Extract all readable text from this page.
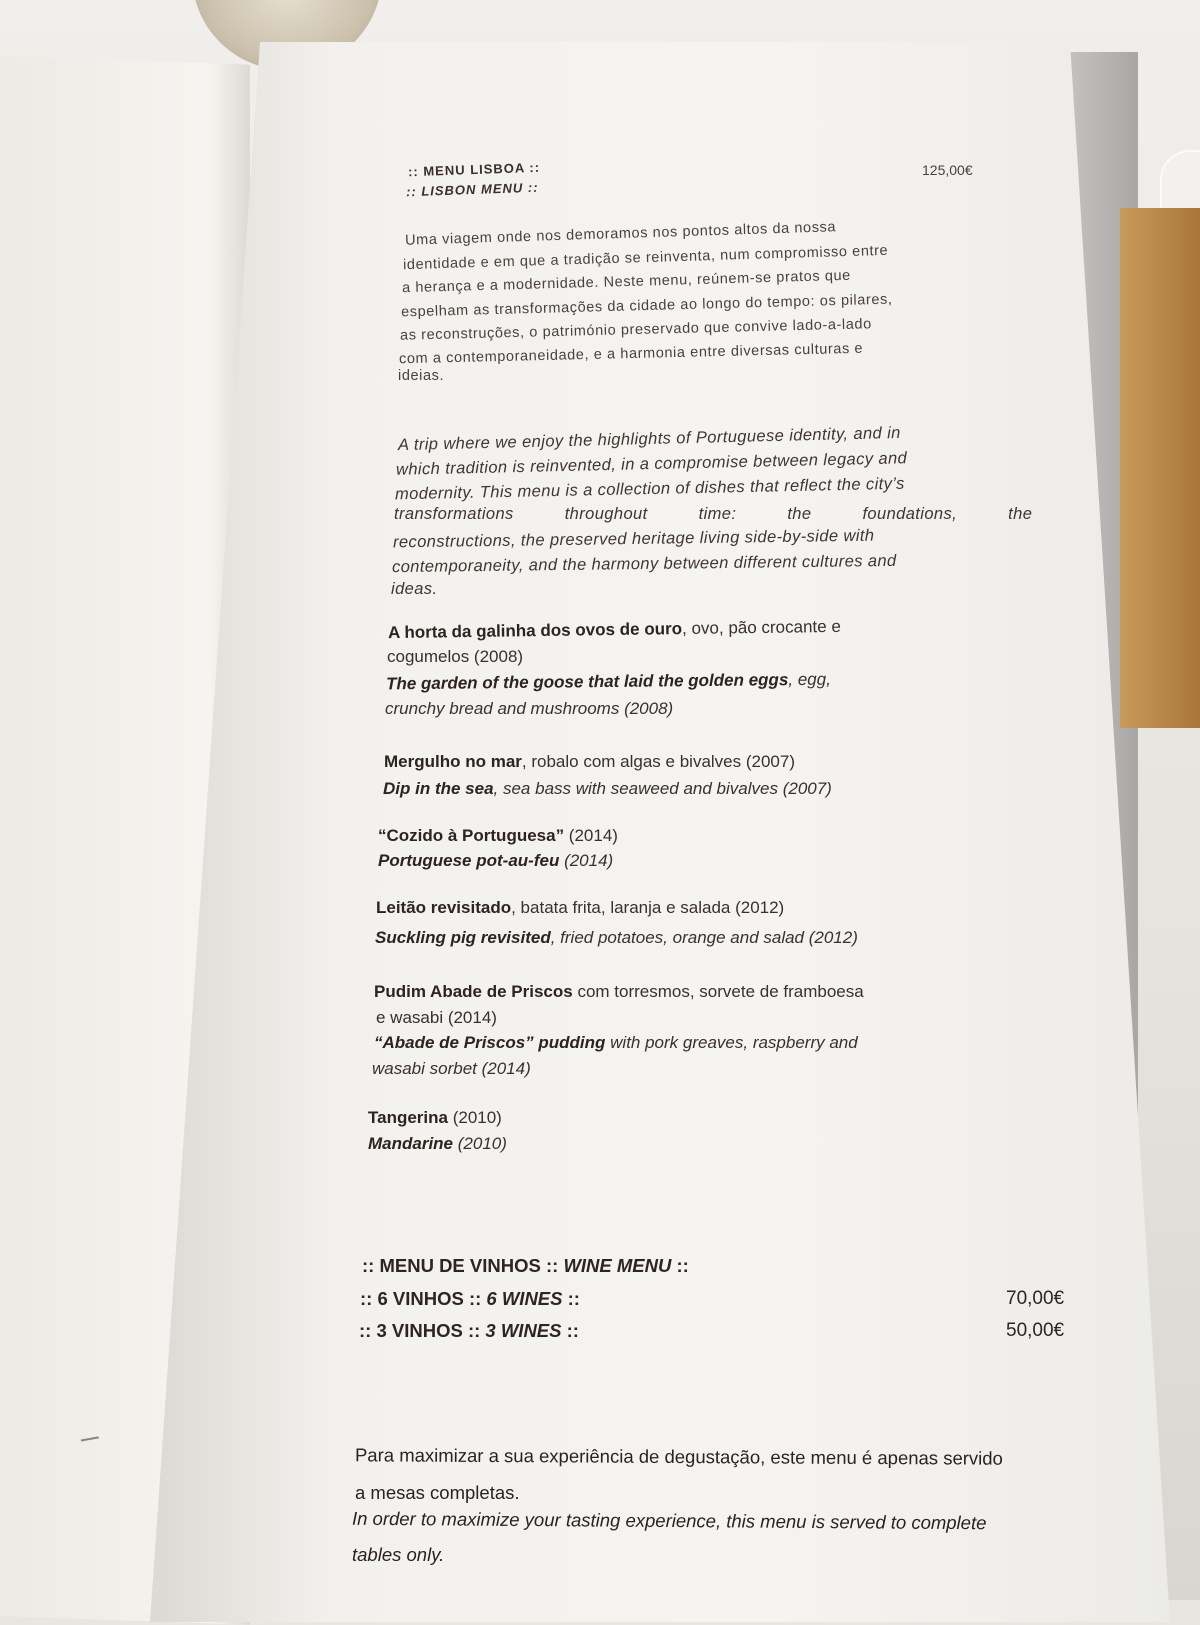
:: MENU LISBOA ::
:: LISBON MENU ::
125,00€
Uma viagem onde nos demoramos nos pontos altos da nossa
identidade e em que a tradição se reinventa, num compromisso entre
a herança e a modernidade. Neste menu, reúnem-se pratos que
espelham as transformações da cidade ao longo do tempo: os pilares,
as reconstruções, o património preservado que convive lado-a-lado
com a contemporaneidade, e a harmonia entre diversas culturas e
ideias.
A trip where we enjoy the highlights of Portuguese identity, and in
which tradition is reinvented, in a compromise between legacy and
modernity. This menu is a collection of dishes that reflect the city’s
transformations throughout time: the foundations, the
reconstructions, the preserved heritage living side-by-side with
contemporaneity, and the harmony between different cultures and
ideas.
A horta da galinha dos ovos de ouro, ovo, pão crocante e
cogumelos (2008)
The garden of the goose that laid the golden eggs, egg,
crunchy bread and mushrooms (2008)
Mergulho no mar, robalo com algas e bivalves (2007)
Dip in the sea, sea bass with seaweed and bivalves (2007)
“Cozido à Portuguesa” (2014)
Portuguese pot-au-feu (2014)
Leitão revisitado, batata frita, laranja e salada (2012)
Suckling pig revisited, fried potatoes, orange and salad (2012)
Pudim Abade de Priscos com torresmos, sorvete de framboesa
e wasabi (2014)
“Abade de Priscos” pudding with pork greaves, raspberry and
wasabi sorbet (2014)
Tangerina (2010)
Mandarine (2010)
:: MENU DE VINHOS :: WINE MENU ::
:: 6 VINHOS :: 6 WINES ::	70,00€
:: 3 VINHOS :: 3 WINES ::	50,00€
Para maximizar a sua experiência de degustação, este menu é apenas servido
a mesas completas.
In order to maximize your tasting experience, this menu is served to complete
tables only.
